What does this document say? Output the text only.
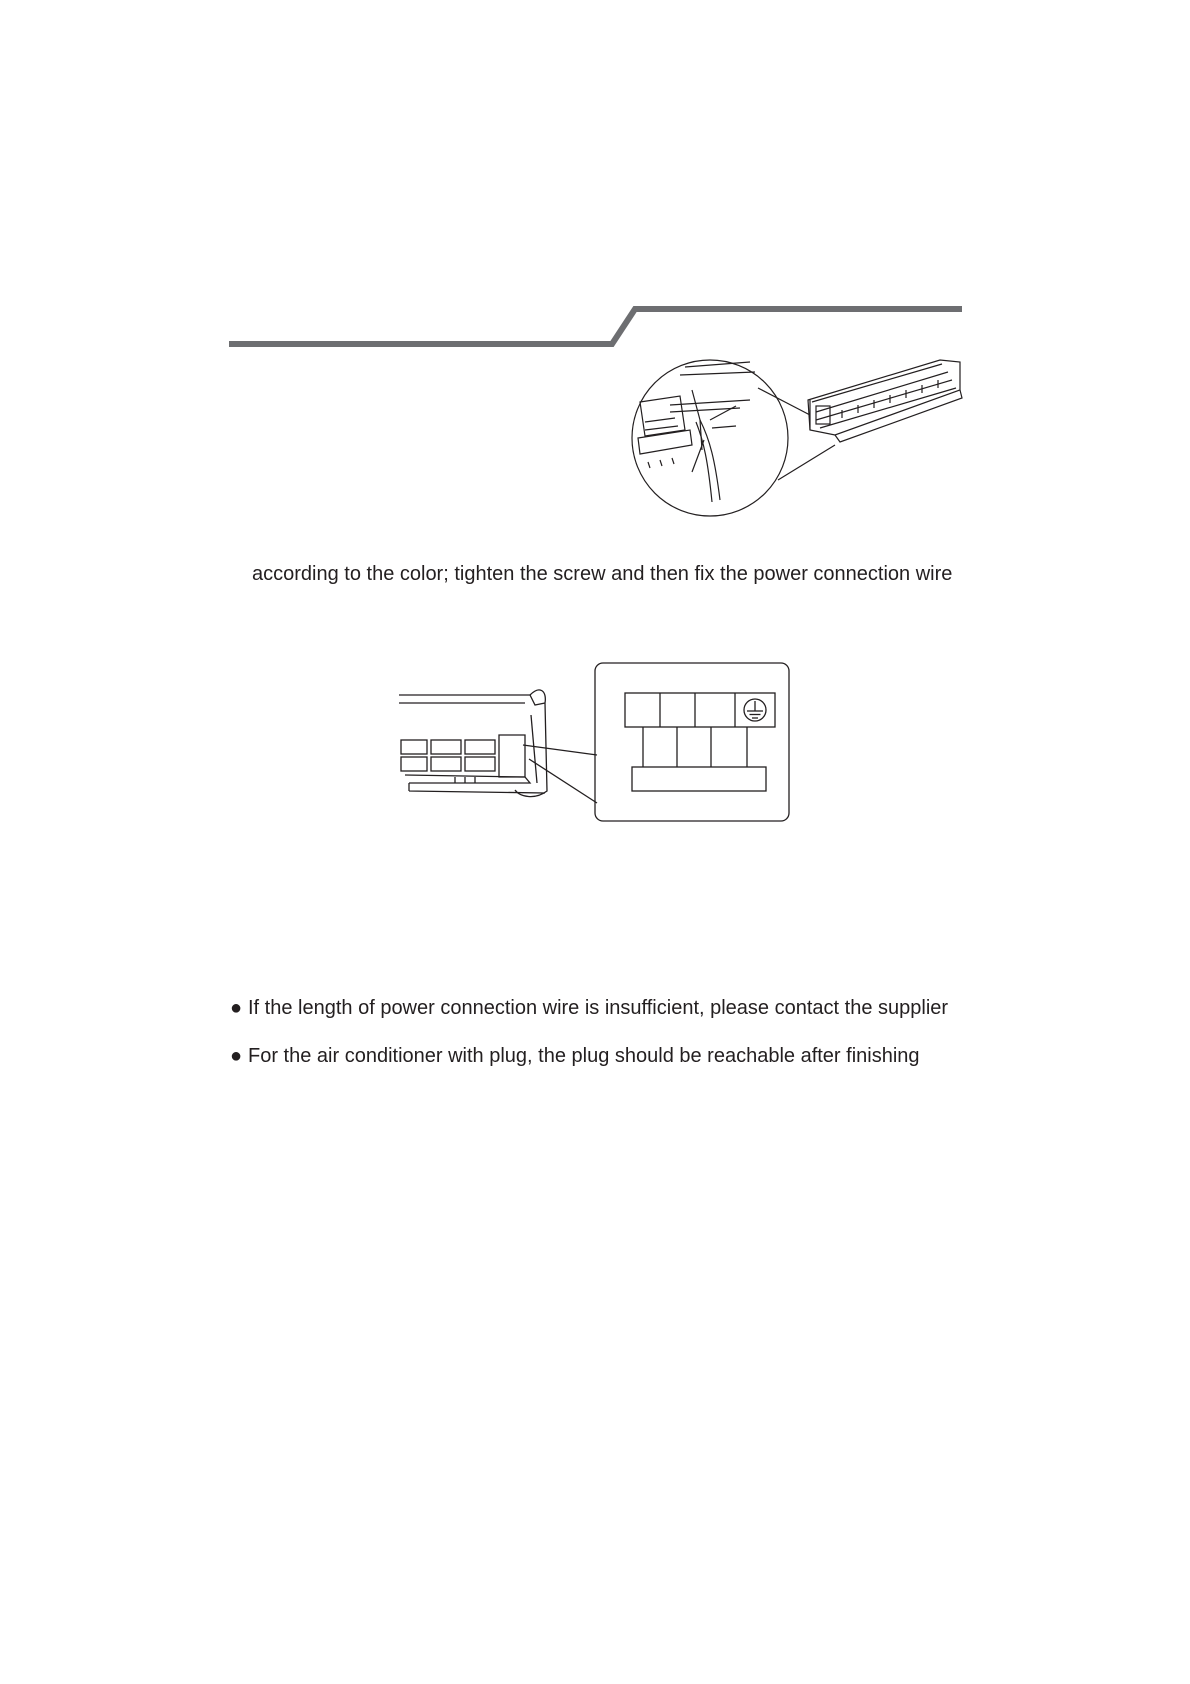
according to the color; tighten the screw and then fix the power connection wire
● If the length of power connection wire is insufficient, please contact the supplier
● For the air conditioner with plug, the plug should be reachable after finishing
